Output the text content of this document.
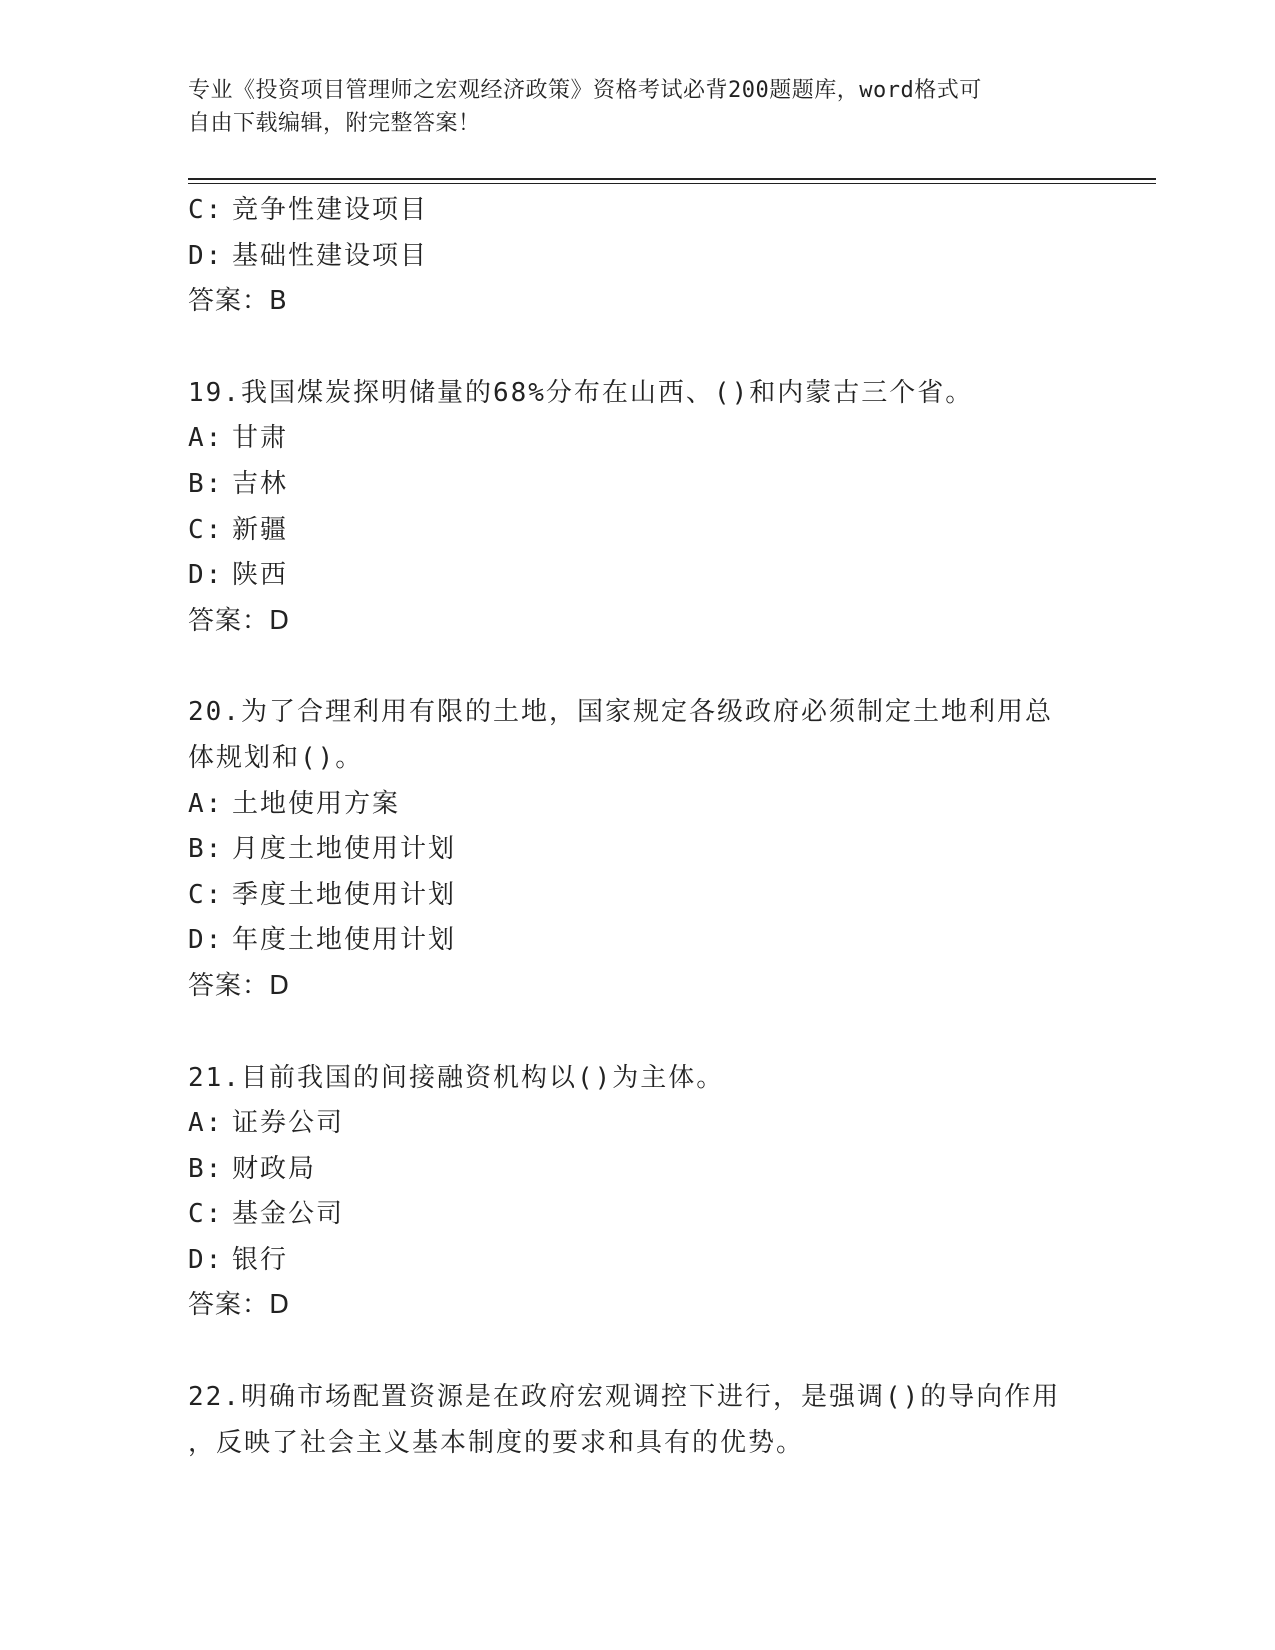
专业《投资项目管理师之宏观经济政策》资格考试必背200题题库，word格式可
自由下载编辑，附完整答案！
C: 竞争性建设项目
D: 基础性建设项目
答案：B
19.我国煤炭探明储量的68%分布在山西、()和内蒙古三个省。
A: 甘肃
B: 吉林
C: 新疆
D: 陕西
答案：D
20.为了合理利用有限的土地，国家规定各级政府必须制定土地利用总
体规划和()。
A: 土地使用方案
B: 月度土地使用计划
C: 季度土地使用计划
D: 年度土地使用计划
答案：D
21.目前我国的间接融资机构以()为主体。
A: 证券公司
B: 财政局
C: 基金公司
D: 银行
答案：D
22.明确市场配置资源是在政府宏观调控下进行，是强调()的导向作用
，反映了社会主义基本制度的要求和具有的优势。
